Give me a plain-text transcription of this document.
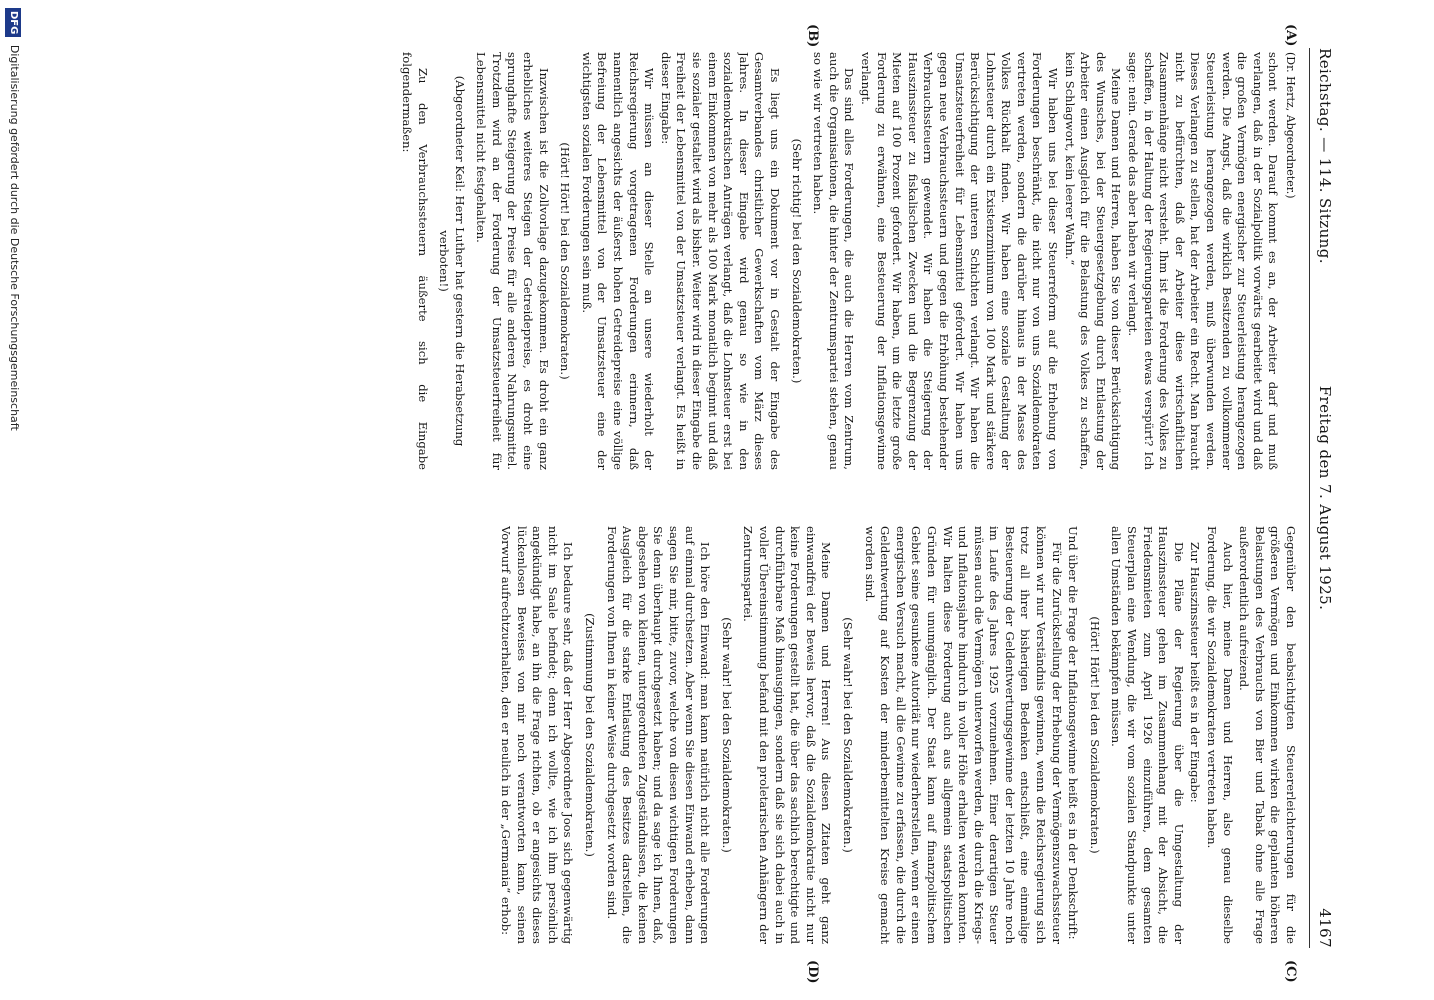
Reichstag. — 114. Sitzung.
Freitag den 7. August 1925.
4167
(A)
(B)
(C)
(D)
(Dr. Hertz, Abgeordneter.)

schont werden. Darauf kommt es an, der Arbeiter darf und muß verlangen, daß in der Sozialpolitik vorwärts gearbeitet wird und daß die großen Vermögen energischer zur Steuerleistung herangezogen werden. Die Angst, daß die wirklich Besitzenden zu vollkommener Steuerleistung herangezogen werden, muß überwunden werden. Dieses Verlangen zu stellen, hat der Arbeiter ein Recht. Man braucht nicht zu befürchten, daß der Arbeiter diese wirtschaftlichen Zusammenhänge nicht versteht. Ihm ist die Forderung des Volkes zu schaffen, in der Haltung der Regierungsparteien etwas verspürt? Ich sage: nein. Gerade das aber haben wir verlangt.

Meine Damen und Herren, haben Sie von dieser Berücksichtigung des Wunsches, bei der Steuergesetzgebung durch Entlastung der Arbeiter einen Ausgleich für die Belastung des Volkes zu schaffen, kein Schlagwort, kein leerer Wahn.“

Wir haben uns bei dieser Steuerreform auf die Erhebung von Forderungen beschränkt, die nicht nur von uns Sozialdemokraten vertreten werden, sondern die darüber hinaus in der Masse des Volkes Rückhalt finden. Wir haben eine soziale Gestaltung der Lohnsteuer durch ein Existenzminimum von 100 Mark und stärkere Berücksichtigung der unteren Schichten verlangt. Wir haben die Umsatzsteuerfreiheit für Lebensmittel gefordert. Wir haben uns gegen neue Verbrauchssteuern und gegen die Erhöhung bestehender Verbrauchssteuern gewendet. Wir haben die Steigerung der Hauszinssteuer zu fiskalischen Zwecken und die Begrenzung der Mieten auf 100 Prozent gefordert. Wir haben, um die letzte große Forderung zu erwähnen, eine Besteuerung der Inflationsgewinne verlangt.

Das sind alles Forderungen, die auch die Herren vom Zentrum, auch die Organisationen, die hinter der Zentrumspartei stehen, genau so wie wir vertreten haben.

(Sehr richtig! bei den Sozialdemokraten.)

Es liegt uns ein Dokument vor in Gestalt der Eingabe des Gesamtverbandes christlicher Gewerkschaften vom März dieses Jahres. In dieser Eingabe wird genau so wie in den sozialdemokratischen Anträgen verlangt, daß die Lohnsteuer erst bei einem Einkommen von mehr als 100 Mark monatlich beginnt und daß sie sozialer gestaltet wird als bisher. Weiter wird in dieser Eingabe die Freiheit der Lebensmittel von der Umsatzsteuer verlangt. Es heißt in dieser Eingabe:

Wir müssen an dieser Stelle an unsere wiederholt der Reichsregierung vorgetragenen Forderungen erinnern, daß namentlich angesichts der äußerst hohen Getreidepreise eine völlige Befreiung der Lebensmittel von der Umsatzsteuer eine der wichtigsten sozialen Forderungen sein muß.

(Hört! Hört! bei den Sozialdemokraten.)

Inzwischen ist die Zollvorlage dazugekommen. Es droht ein ganz erhebliches weiteres Steigen der Getreidepreise, es droht eine sprunghafte Steigerung der Preise für alle anderen Nahrungsmittel. Trotzdem wird an der Forderung der Umsatzsteuerfreiheit für Lebensmittel nicht festgehalten.

(Abgeordneter Keil: Herr Luther hat gestern die Herabsetzung verboten!)

Zu den Verbrauchssteuern äußerte sich die Eingabe folgendermaßen:

Gegenüber den beabsichtigten Steuererleichterungen für die größeren Vermögen und Einkommen wirken die geplanten höheren Belastungen des Verbrauchs von Bier und Tabak ohne alle Frage außerordentlich aufreizend.

Auch hier, meine Damen und Herren, also genau dieselbe Forderung, die wir Sozialdemokraten vertreten haben.

Zur Hauszinssteuer heißt es in der Eingabe:

Die Pläne der Regierung über die Umgestaltung der Hauszinssteuer gehen im Zusammenhang mit der Absicht, die Friedensmieten zum April 1926 einzuführen, dem gesamten Steuerplan eine Wendung, die wir vom sozialen Standpunkte unter allen Umständen bekämpfen müssen.

(Hört! Hört! bei den Sozialdemokraten.)

Und über die Frage der Inflationsgewinne heißt es in der Denkschrift:

Für die Zurückstellung der Erhebung der Vermögenszuwachssteuer können wir nur Verständnis gewinnen, wenn die Reichsregierung sich trotz all ihrer bisherigen Bedenken entschließt, eine einmalige Besteuerung der Geldentwertungsgewinne der letzten 10 Jahre noch im Laufe des Jahres 1925 vorzunehmen. Einer derartigen Steuer müssen auch die Vermögen unterworfen werden, die durch die Kriegs- und Inflationsjahre hindurch in voller Höhe erhalten werden konnten. Wir halten diese Forderung auch aus allgemein staatspolitischen Gründen für unumgänglich. Der Staat kann auf finanzpolitischem Gebiet seine gesunkene Autorität nur wiederherstellen, wenn er einen energischen Versuch macht, all die Gewinne zu erfassen, die durch die Geldentwertung auf Kosten der minderbemittelten Kreise gemacht worden sind.

(Sehr wahr! bei den Sozialdemokraten.)

Meine Damen und Herren! Aus diesen Zitaten geht ganz einwandfrei der Beweis hervor, daß die Sozialdemokratie nicht nur keine Forderungen gestellt hat, die über das sachlich berechtigte und durchführbare Maß hinausgingen, sondern daß sie sich dabei auch in voller Übereinstimmung befand mit den proletarischen Anhängern der Zentrumspartei.

(Sehr wahr! bei den Sozialdemokraten.)

Ich höre den Einwand: man kann natürlich nicht alle Forderungen auf einmal durchsetzen. Aber wenn Sie diesen Einwand erheben, dann sagen Sie mir, bitte, zuvor, welche von diesen wichtigen Forderungen Sie denn überhaupt durchgesetzt haben; und da sage ich Ihnen, daß, abgesehen von kleinen, untergeordneten Zugeständnissen, die keinen Ausgleich für die starke Entlastung des Besitzes darstellen, die Forderungen von Ihnen in keiner Weise durchgesetzt worden sind.

(Zustimmung bei den Sozialdemokraten.)

Ich bedaure sehr, daß der Herr Abgeordnete Joos sich gegenwärtig nicht im Saale befindet; denn ich wollte, wie ich ihm persönlich angekündigt habe, an ihn die Frage richten, ob er angesichts dieses lückenlosen Beweises von mir noch verantworten kann, seinen Vorwurf aufrechtzuerhalten, den er neulich in der „Germania“ erhob:

DFG Digitalisierung gefördert durch die Deutsche Forschungsgemeinschaft
